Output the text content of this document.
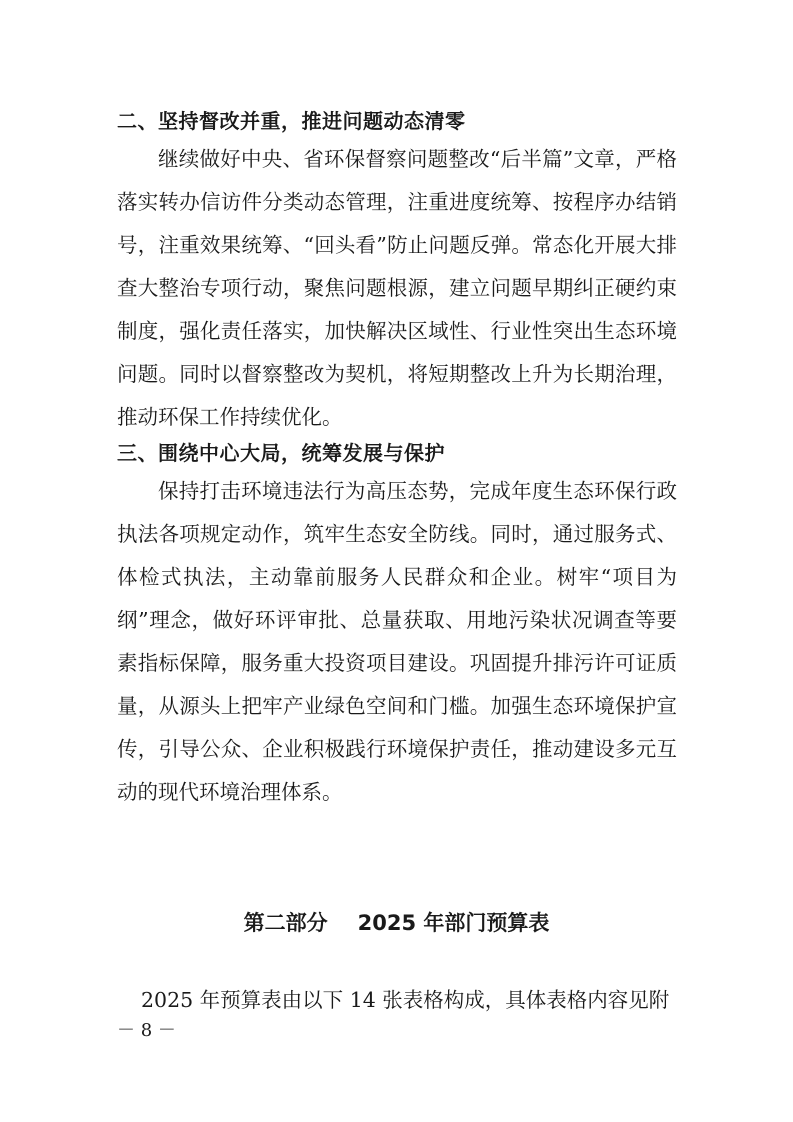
二、坚持督改并重，推进问题动态清零

继续做好中央、省环保督察问题整改“后半篇”文章，严格落实转办信访件分类动态管理，注重进度统筹、按程序办结销号，注重效果统筹、“回头看”防止问题反弹。常态化开展大排查大整治专项行动，聚焦问题根源，建立问题早期纠正硬约束制度，强化责任落实，加快解决区域性、行业性突出生态环境问题。同时以督察整改为契机，将短期整改上升为长期治理，推动环保工作持续优化。

三、围绕中心大局，统筹发展与保护

保持打击环境违法行为高压态势，完成年度生态环保行政执法各项规定动作，筑牢生态安全防线。同时，通过服务式、体检式执法，主动靠前服务人民群众和企业。树牢“项目为纲”理念，做好环评审批、总量获取、用地污染状况调查等要素指标保障，服务重大投资项目建设。巩固提升排污许可证质量，从源头上把牢产业绿色空间和门槛。加强生态环境保护宣传，引导公众、企业积极践行环境保护责任，推动建设多元互动的现代环境治理体系。

第二部分 2025 年部门预算表
2025 年预算表由以下 14 张表格构成，具体表格内容见附
－ 8 －
